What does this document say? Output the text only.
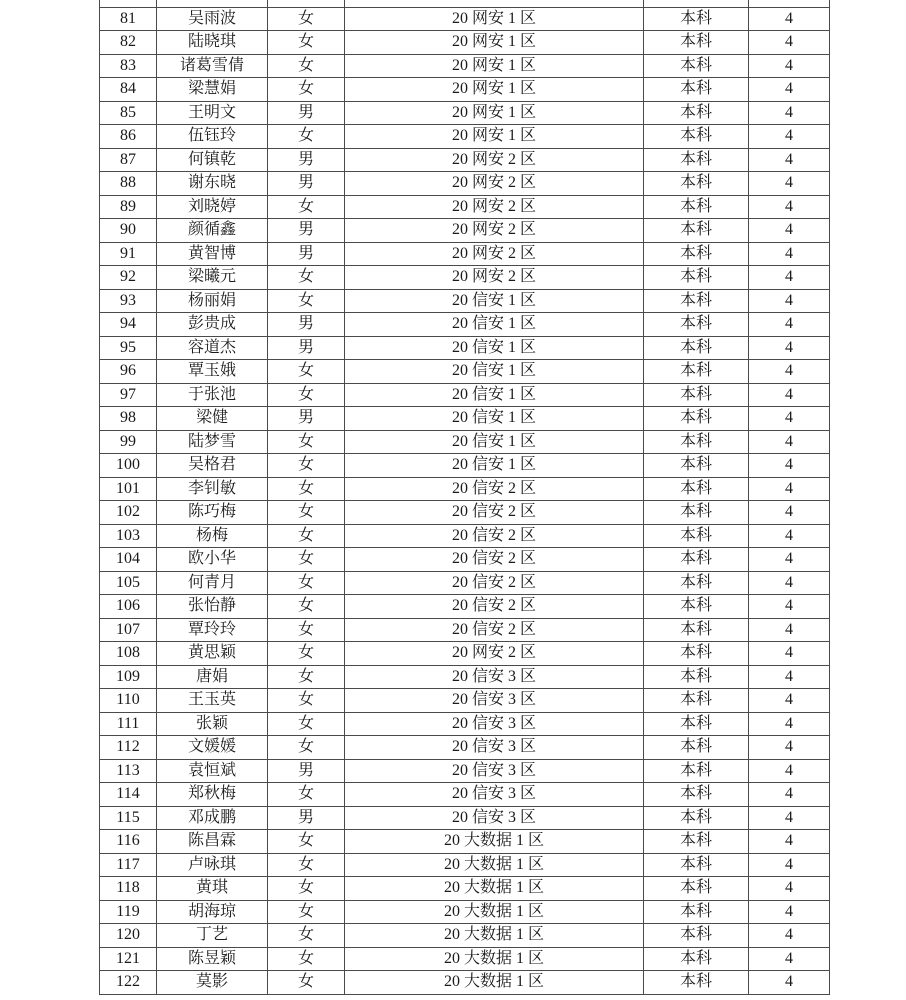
81	吴雨波	女	20 网安 1 区	本科	4
82	陆晓琪	女	20 网安 1 区	本科	4
83	诸葛雪倩	女	20 网安 1 区	本科	4
84	梁慧娟	女	20 网安 1 区	本科	4
85	王明文	男	20 网安 1 区	本科	4
86	伍钰玲	女	20 网安 1 区	本科	4
87	何镇乾	男	20 网安 2 区	本科	4
88	谢东晓	男	20 网安 2 区	本科	4
89	刘晓婷	女	20 网安 2 区	本科	4
90	颜循鑫	男	20 网安 2 区	本科	4
91	黄智博	男	20 网安 2 区	本科	4
92	梁曦元	女	20 网安 2 区	本科	4
93	杨丽娟	女	20 信安 1 区	本科	4
94	彭贵成	男	20 信安 1 区	本科	4
95	容道杰	男	20 信安 1 区	本科	4
96	覃玉娥	女	20 信安 1 区	本科	4
97	于张池	女	20 信安 1 区	本科	4
98	梁健	男	20 信安 1 区	本科	4
99	陆梦雪	女	20 信安 1 区	本科	4
100	吴格君	女	20 信安 1 区	本科	4
101	李钊敏	女	20 信安 2 区	本科	4
102	陈巧梅	女	20 信安 2 区	本科	4
103	杨梅	女	20 信安 2 区	本科	4
104	欧小华	女	20 信安 2 区	本科	4
105	何青月	女	20 信安 2 区	本科	4
106	张怡静	女	20 信安 2 区	本科	4
107	覃玲玲	女	20 信安 2 区	本科	4
108	黄思颖	女	20 网安 2 区	本科	4
109	唐娟	女	20 信安 3 区	本科	4
110	王玉英	女	20 信安 3 区	本科	4
111	张颖	女	20 信安 3 区	本科	4
112	文媛媛	女	20 信安 3 区	本科	4
113	袁恒斌	男	20 信安 3 区	本科	4
114	郑秋梅	女	20 信安 3 区	本科	4
115	邓成鹏	男	20 信安 3 区	本科	4
116	陈昌霖	女	20 大数据 1 区	本科	4
117	卢咏琪	女	20 大数据 1 区	本科	4
118	黄琪	女	20 大数据 1 区	本科	4
119	胡海琼	女	20 大数据 1 区	本科	4
120	丁艺	女	20 大数据 1 区	本科	4
121	陈昱颖	女	20 大数据 1 区	本科	4
122	莫影	女	20 大数据 1 区	本科	4
